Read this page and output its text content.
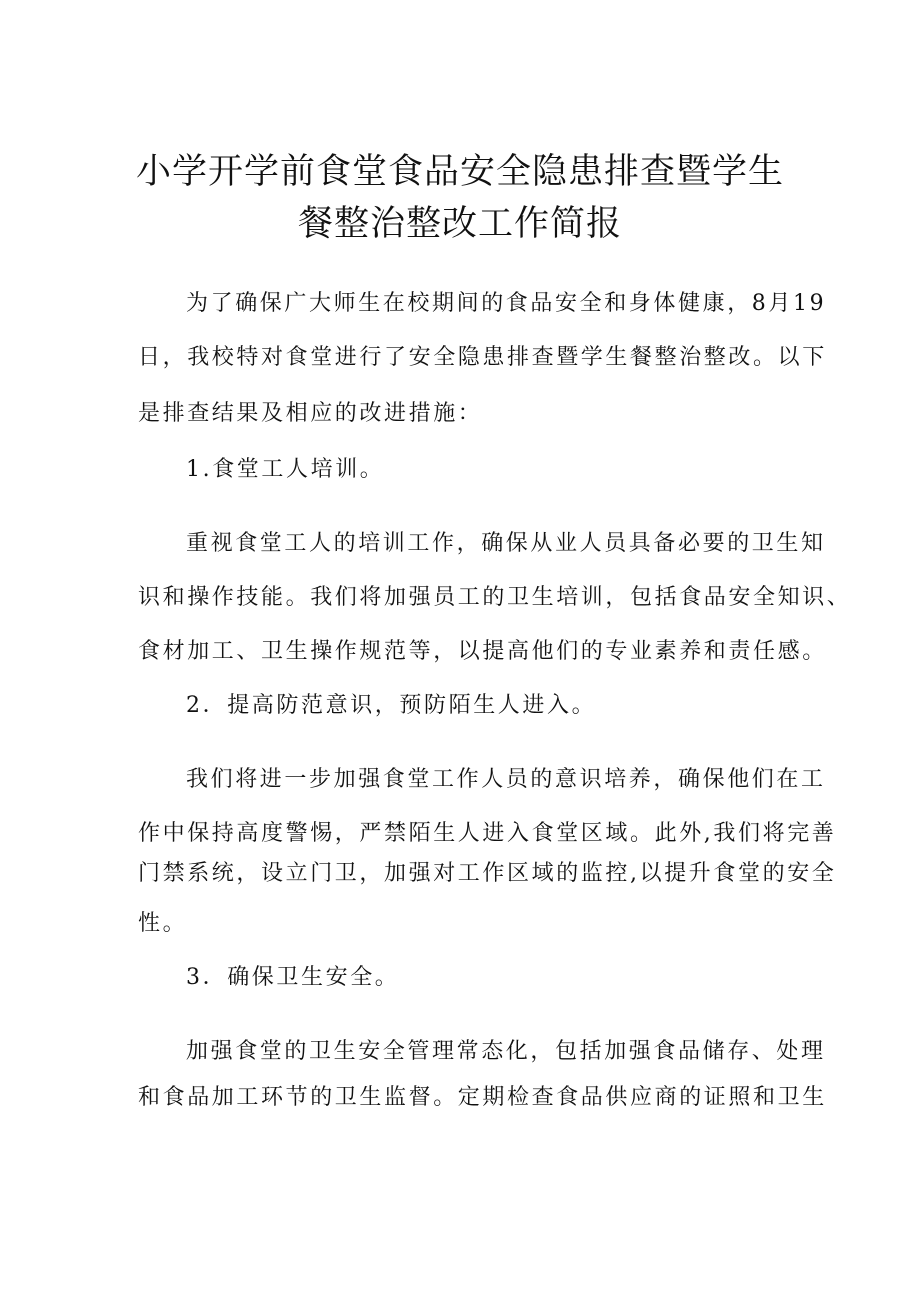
小学开学前食堂食品安全隐患排查暨学生
餐整治整改工作简报

为了确保广大师生在校期间的食品安全和身体健康，8月19

日，我校特对食堂进行了安全隐患排查暨学生餐整治整改。以下

是排查结果及相应的改进措施：

1.食堂工人培训。

重视食堂工人的培训工作，确保从业人员具备必要的卫生知

识和操作技能。我们将加强员工的卫生培训，包括食品安全知识、

食材加工、卫生操作规范等，以提高他们的专业素养和责任感。

2．提高防范意识，预防陌生人进入。

我们将进一步加强食堂工作人员的意识培养，确保他们在工

作中保持高度警惕，严禁陌生人进入食堂区域。此外,我们将完善

门禁系统，设立门卫，加强对工作区域的监控,以提升食堂的安全

性。

3．确保卫生安全。

加强食堂的卫生安全管理常态化，包括加强食品储存、处理

和食品加工环节的卫生监督。定期检查食品供应商的证照和卫生
